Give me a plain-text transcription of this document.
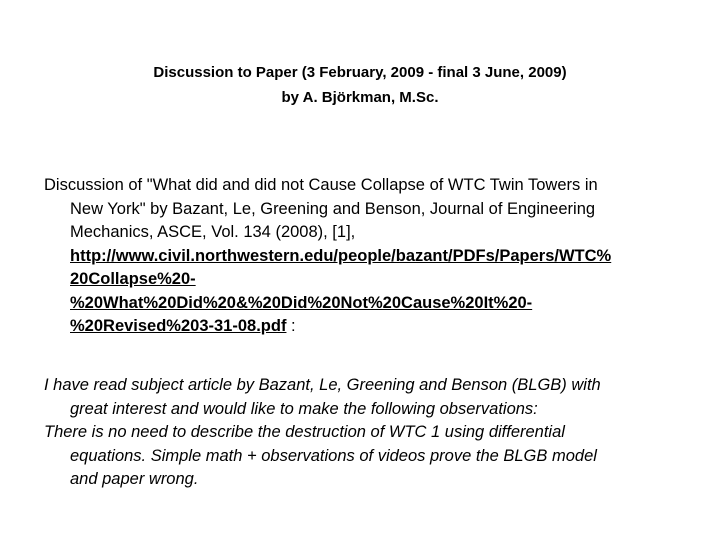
Discussion to Paper (3 February, 2009 - final 3 June, 2009)
by A. Björkman, M.Sc.
Discussion of "What did and did not Cause Collapse of WTC Twin Towers in
New York" by Bazant, Le, Greening and Benson, Journal of Engineering
Mechanics, ASCE, Vol. 134 (2008), [1],
http://www.civil.northwestern.edu/people/bazant/PDFs/Papers/WTC%
20Collapse%20-
%20What%20Did%20&%20Did%20Not%20Cause%20It%20-
%20Revised%203-31-08.pdf :
I have read subject article by Bazant, Le, Greening and Benson (BLGB) with
great interest and would like to make the following observations:
There is no need to describe the destruction of WTC 1 using differential
equations. Simple math + observations of videos prove the BLGB model
and paper wrong.
